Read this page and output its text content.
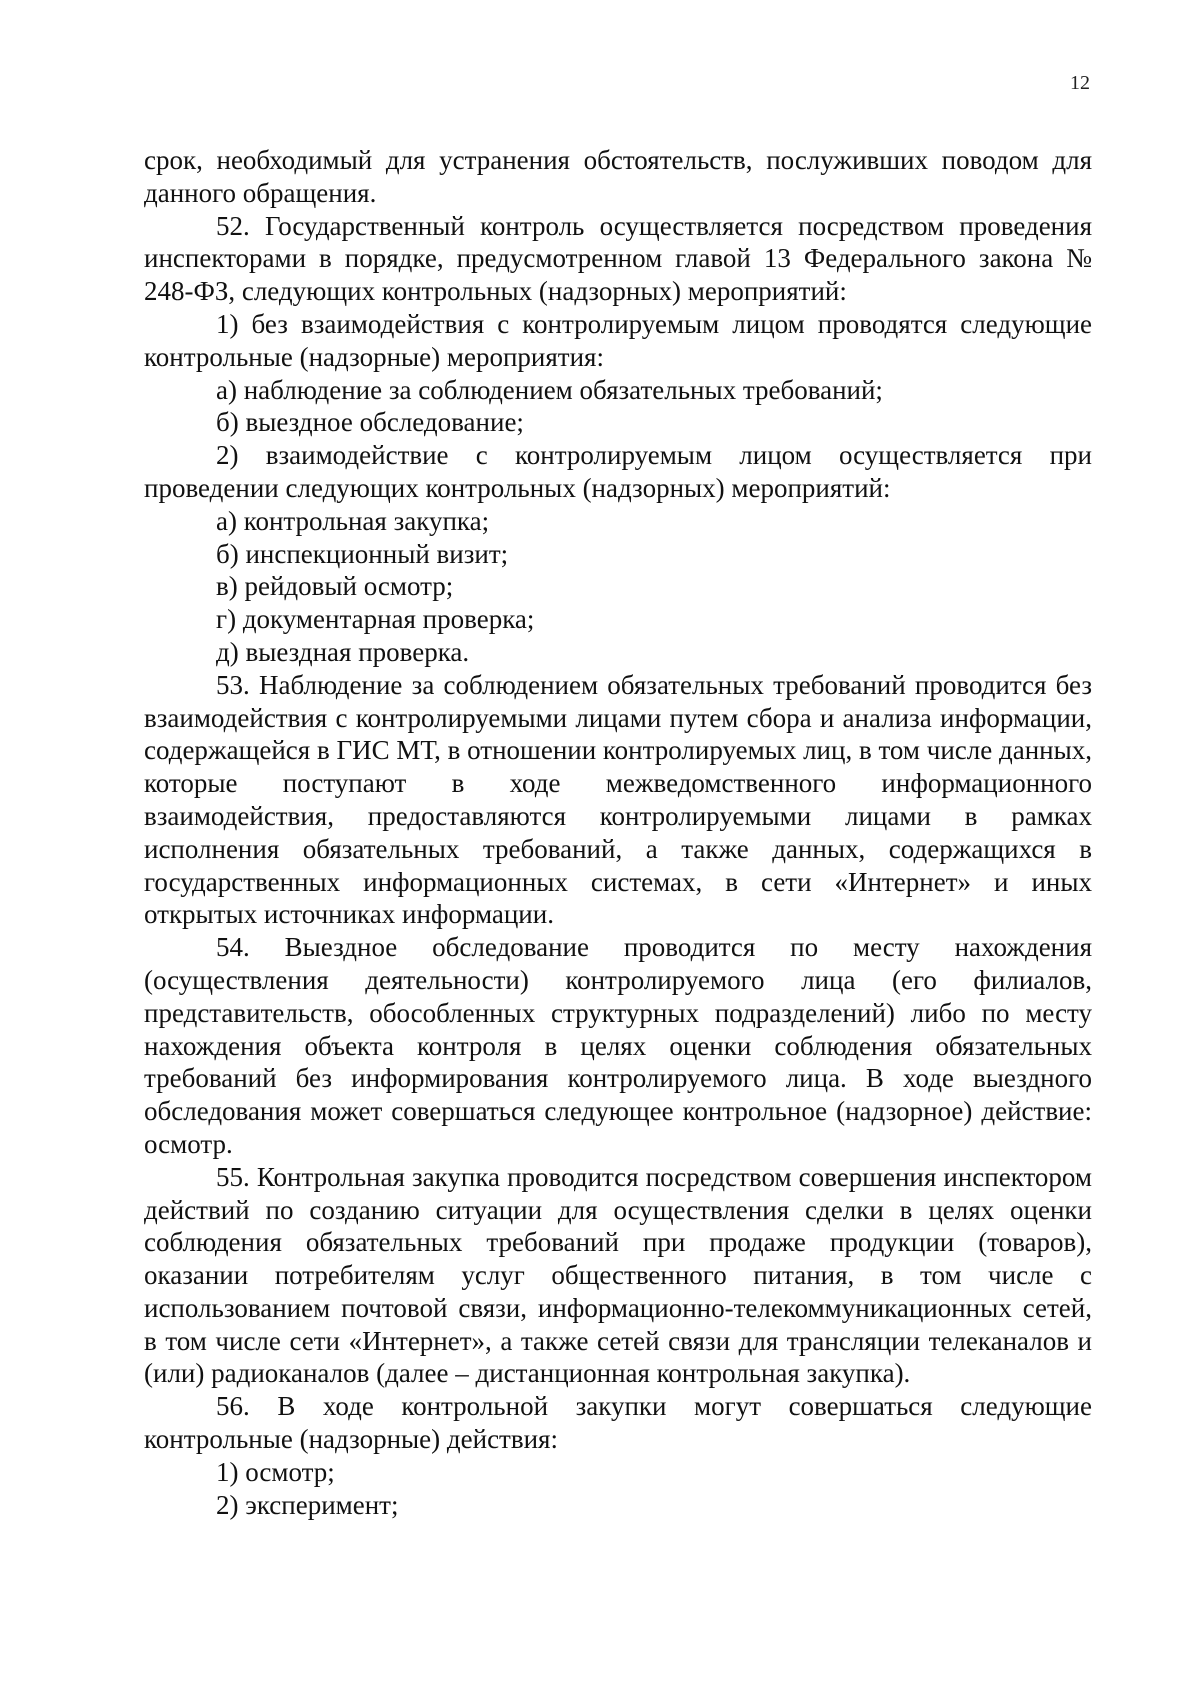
12

срок, необходимый для устранения обстоятельств, послуживших поводом для данного обращения.

52. Государственный контроль осуществляется посредством проведения инспекторами в порядке, предусмотренном главой 13 Федерального закона № 248-ФЗ, следующих контрольных (надзорных) мероприятий:

1) без взаимодействия с контролируемым лицом проводятся следующие контрольные (надзорные) мероприятия:

а) наблюдение за соблюдением обязательных требований;

б) выездное обследование;

2) взаимодействие с контролируемым лицом осуществляется при проведении следующих контрольных (надзорных) мероприятий:

а) контрольная закупка;

б) инспекционный визит;

в) рейдовый осмотр;

г) документарная проверка;

д) выездная проверка.

53. Наблюдение за соблюдением обязательных требований проводится без взаимодействия с контролируемыми лицами путем сбора и анализа информации, содержащейся в ГИС МТ, в отношении контролируемых лиц, в том числе данных, которые поступают в ходе межведомственного информационного взаимодействия, предоставляются контролируемыми лицами в рамках исполнения обязательных требований, а также данных, содержащихся в государственных информационных системах, в сети «Интернет» и иных открытых источниках информации.

54. Выездное обследование проводится по месту нахождения (осуществления деятельности) контролируемого лица (его филиалов, представительств, обособленных структурных подразделений) либо по месту нахождения объекта контроля в целях оценки соблюдения обязательных требований без информирования контролируемого лица. В ходе выездного обследования может совершаться следующее контрольное (надзорное) действие: осмотр.

55. Контрольная закупка проводится посредством совершения инспектором действий по созданию ситуации для осуществления сделки в целях оценки соблюдения обязательных требований при продаже продукции (товаров), оказании потребителям услуг общественного питания, в том числе с использованием почтовой связи, информационно-телекоммуникационных сетей, в том числе сети «Интернет», а также сетей связи для трансляции телеканалов и (или) радиоканалов (далее – дистанционная контрольная закупка).

56. В ходе контрольной закупки могут совершаться следующие контрольные (надзорные) действия:

1) осмотр;

2) эксперимент;
